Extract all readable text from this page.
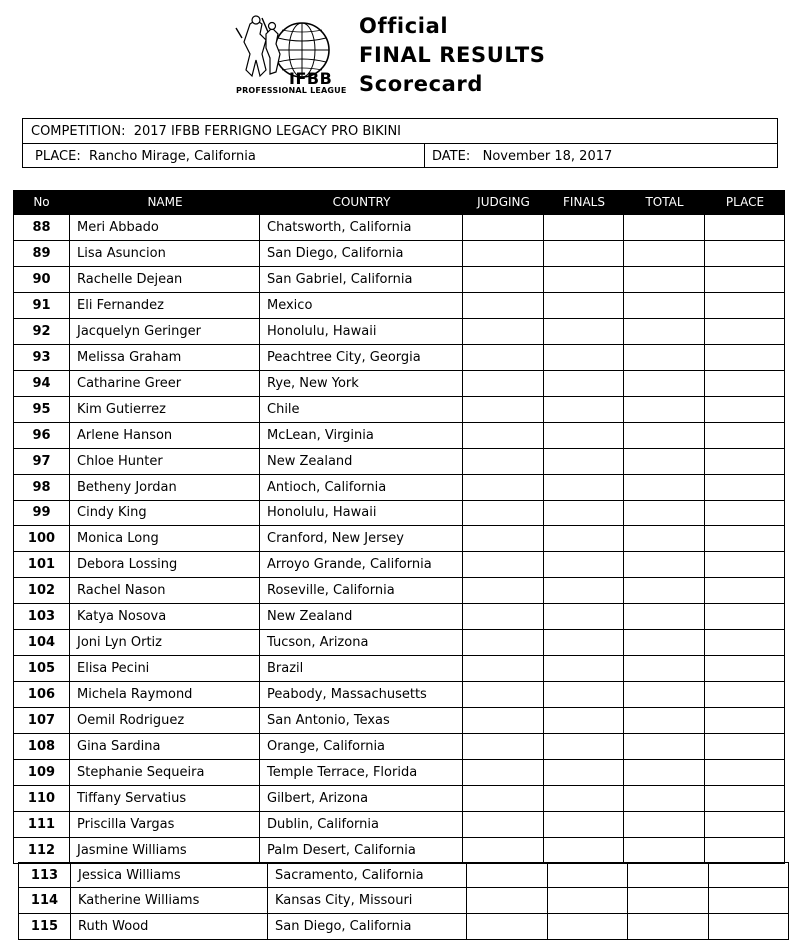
IFBB
PROFESSIONAL LEAGUE
Official
FINAL RESULTS
Scorecard
COMPETITION: 2017 IFBB FERRIGNO LEGACY PRO BIKINI
PLACE: Rancho Mirage, California	DATE: November 18, 2017
No	NAME	COUNTRY	JUDGING	FINALS	TOTAL	PLACE
88	Meri Abbado	Chatsworth, California
89	Lisa Asuncion	San Diego, California
90	Rachelle Dejean	San Gabriel, California
91	Eli Fernandez	Mexico
92	Jacquelyn Geringer	Honolulu, Hawaii
93	Melissa Graham	Peachtree City, Georgia
94	Catharine Greer	Rye, New York
95	Kim Gutierrez	Chile
96	Arlene Hanson	McLean, Virginia
97	Chloe Hunter	New Zealand
98	Betheny Jordan	Antioch, California
99	Cindy King	Honolulu, Hawaii
100	Monica Long	Cranford, New Jersey
101	Debora Lossing	Arroyo Grande, California
102	Rachel Nason	Roseville, California
103	Katya Nosova	New Zealand
104	Joni Lyn Ortiz	Tucson, Arizona
105	Elisa Pecini	Brazil
106	Michela Raymond	Peabody, Massachusetts
107	Oemil Rodriguez	San Antonio, Texas
108	Gina Sardina	Orange, California
109	Stephanie Sequeira	Temple Terrace, Florida
110	Tiffany Servatius	Gilbert, Arizona
111	Priscilla Vargas	Dublin, California
112	Jasmine Williams	Palm Desert, California
113	Jessica Williams	Sacramento, California
114	Katherine Williams	Kansas City, Missouri
115	Ruth Wood	San Diego, California
